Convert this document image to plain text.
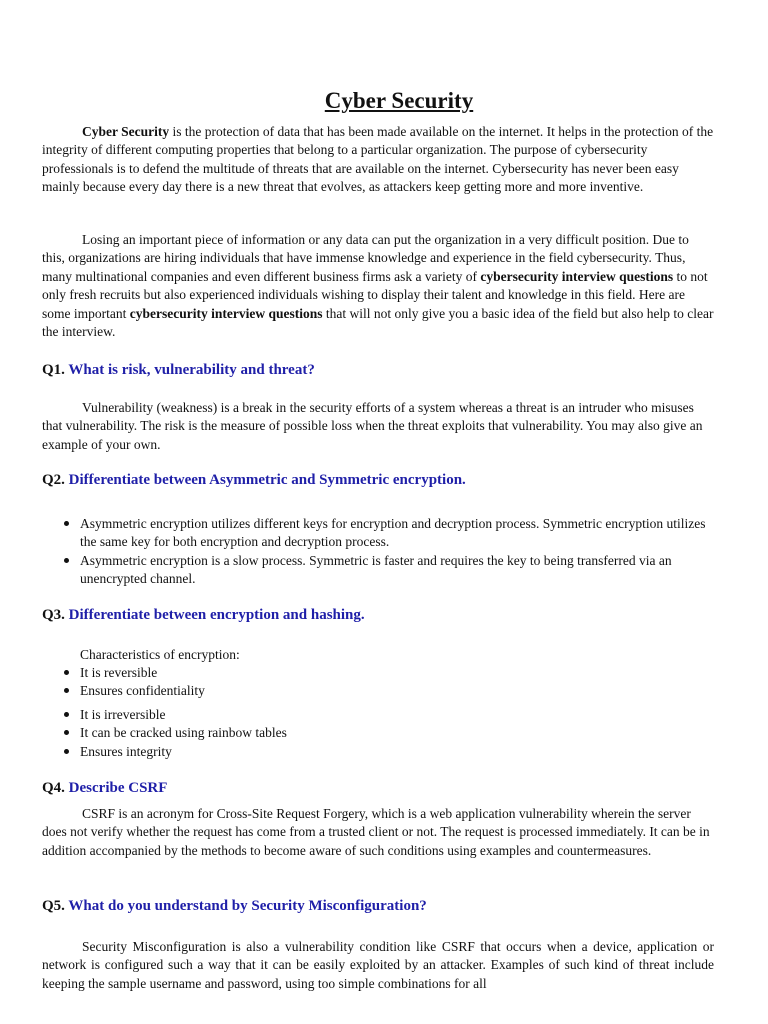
Cyber Security

Cyber Security is the protection of data that has been made available on the internet. It helps in the protection of the integrity of different computing properties that belong to a particular organization. The purpose of cybersecurity professionals is to defend the multitude of threats that are available on the internet. Cybersecurity has never been easy mainly because every day there is a new threat that evolves, as attackers keep getting more and more inventive.

Losing an important piece of information or any data can put the organization in a very difficult position. Due to this, organizations are hiring individuals that have immense knowledge and experience in the field cybersecurity. Thus, many multinational companies and even different business firms ask a variety of cybersecurity interview questions to not only fresh recruits but also experienced individuals wishing to display their talent and knowledge in this field. Here are some important cybersecurity interview questions that will not only give you a basic idea of the field but also help to clear the interview.

Q1. What is risk, vulnerability and threat?

Vulnerability (weakness) is a break in the security efforts of a system whereas a threat is an intruder who misuses that vulnerability. The risk is the measure of possible loss when the threat exploits that vulnerability. You may also give an example of your own.

Q2. Differentiate between Asymmetric and Symmetric encryption.

Asymmetric encryption utilizes different keys for encryption and decryption process. Symmetric encryption utilizes the same key for both encryption and decryption process.
Asymmetric encryption is a slow process. Symmetric is faster and requires the key to being transferred via an unencrypted channel.

Q3. Differentiate between encryption and hashing.

Characteristics of encryption:

It is reversible
Ensures confidentiality
It is irreversible
It can be cracked using rainbow tables
Ensures integrity

Q4. Describe CSRF

CSRF is an acronym for Cross-Site Request Forgery, which is a web application vulnerability wherein the server does not verify whether the request has come from a trusted client or not. The request is processed immediately. It can be in addition accompanied by the methods to become aware of such conditions using examples and countermeasures.

Q5. What do you understand by Security Misconfiguration?

Security Misconfiguration is also a vulnerability condition like CSRF that occurs when a device, application or network is configured such a way that it can be easily exploited by an attacker. Examples of such kind of threat include keeping the sample username and password, using too simple combinations for all
